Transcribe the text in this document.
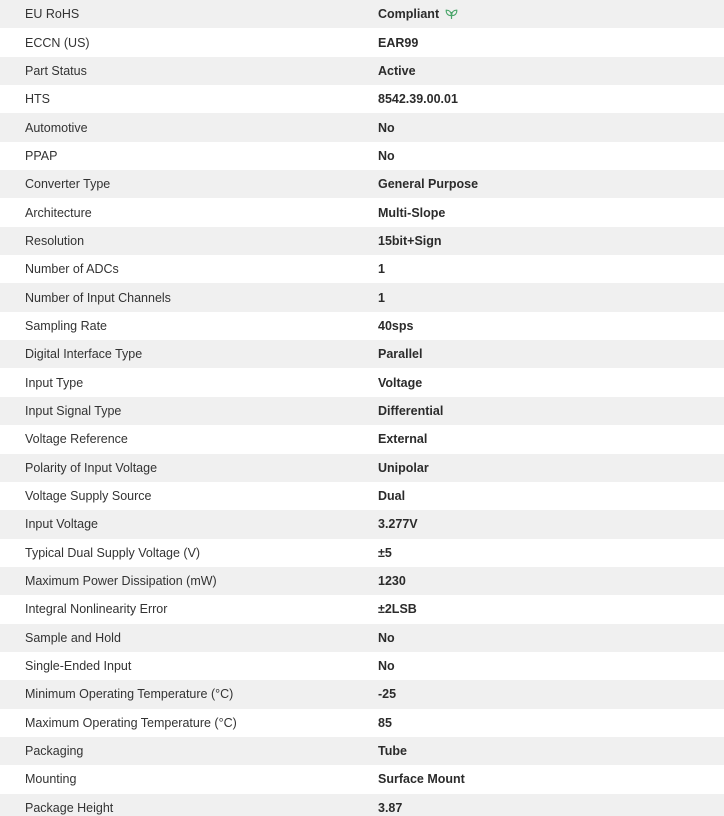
EU RoHS	Compliant
ECCN (US)	EAR99
Part Status	Active
HTS	8542.39.00.01
Automotive	No
PPAP	No
Converter Type	General Purpose
Architecture	Multi-Slope
Resolution	15bit+Sign
Number of ADCs	1
Number of Input Channels	1
Sampling Rate	40sps
Digital Interface Type	Parallel
Input Type	Voltage
Input Signal Type	Differential
Voltage Reference	External
Polarity of Input Voltage	Unipolar
Voltage Supply Source	Dual
Input Voltage	3.277V
Typical Dual Supply Voltage (V)	±5
Maximum Power Dissipation (mW)	1230
Integral Nonlinearity Error	±2LSB
Sample and Hold	No
Single-Ended Input	No
Minimum Operating Temperature (°C)	-25
Maximum Operating Temperature (°C)	85
Packaging	Tube
Mounting	Surface Mount
Package Height	3.87
